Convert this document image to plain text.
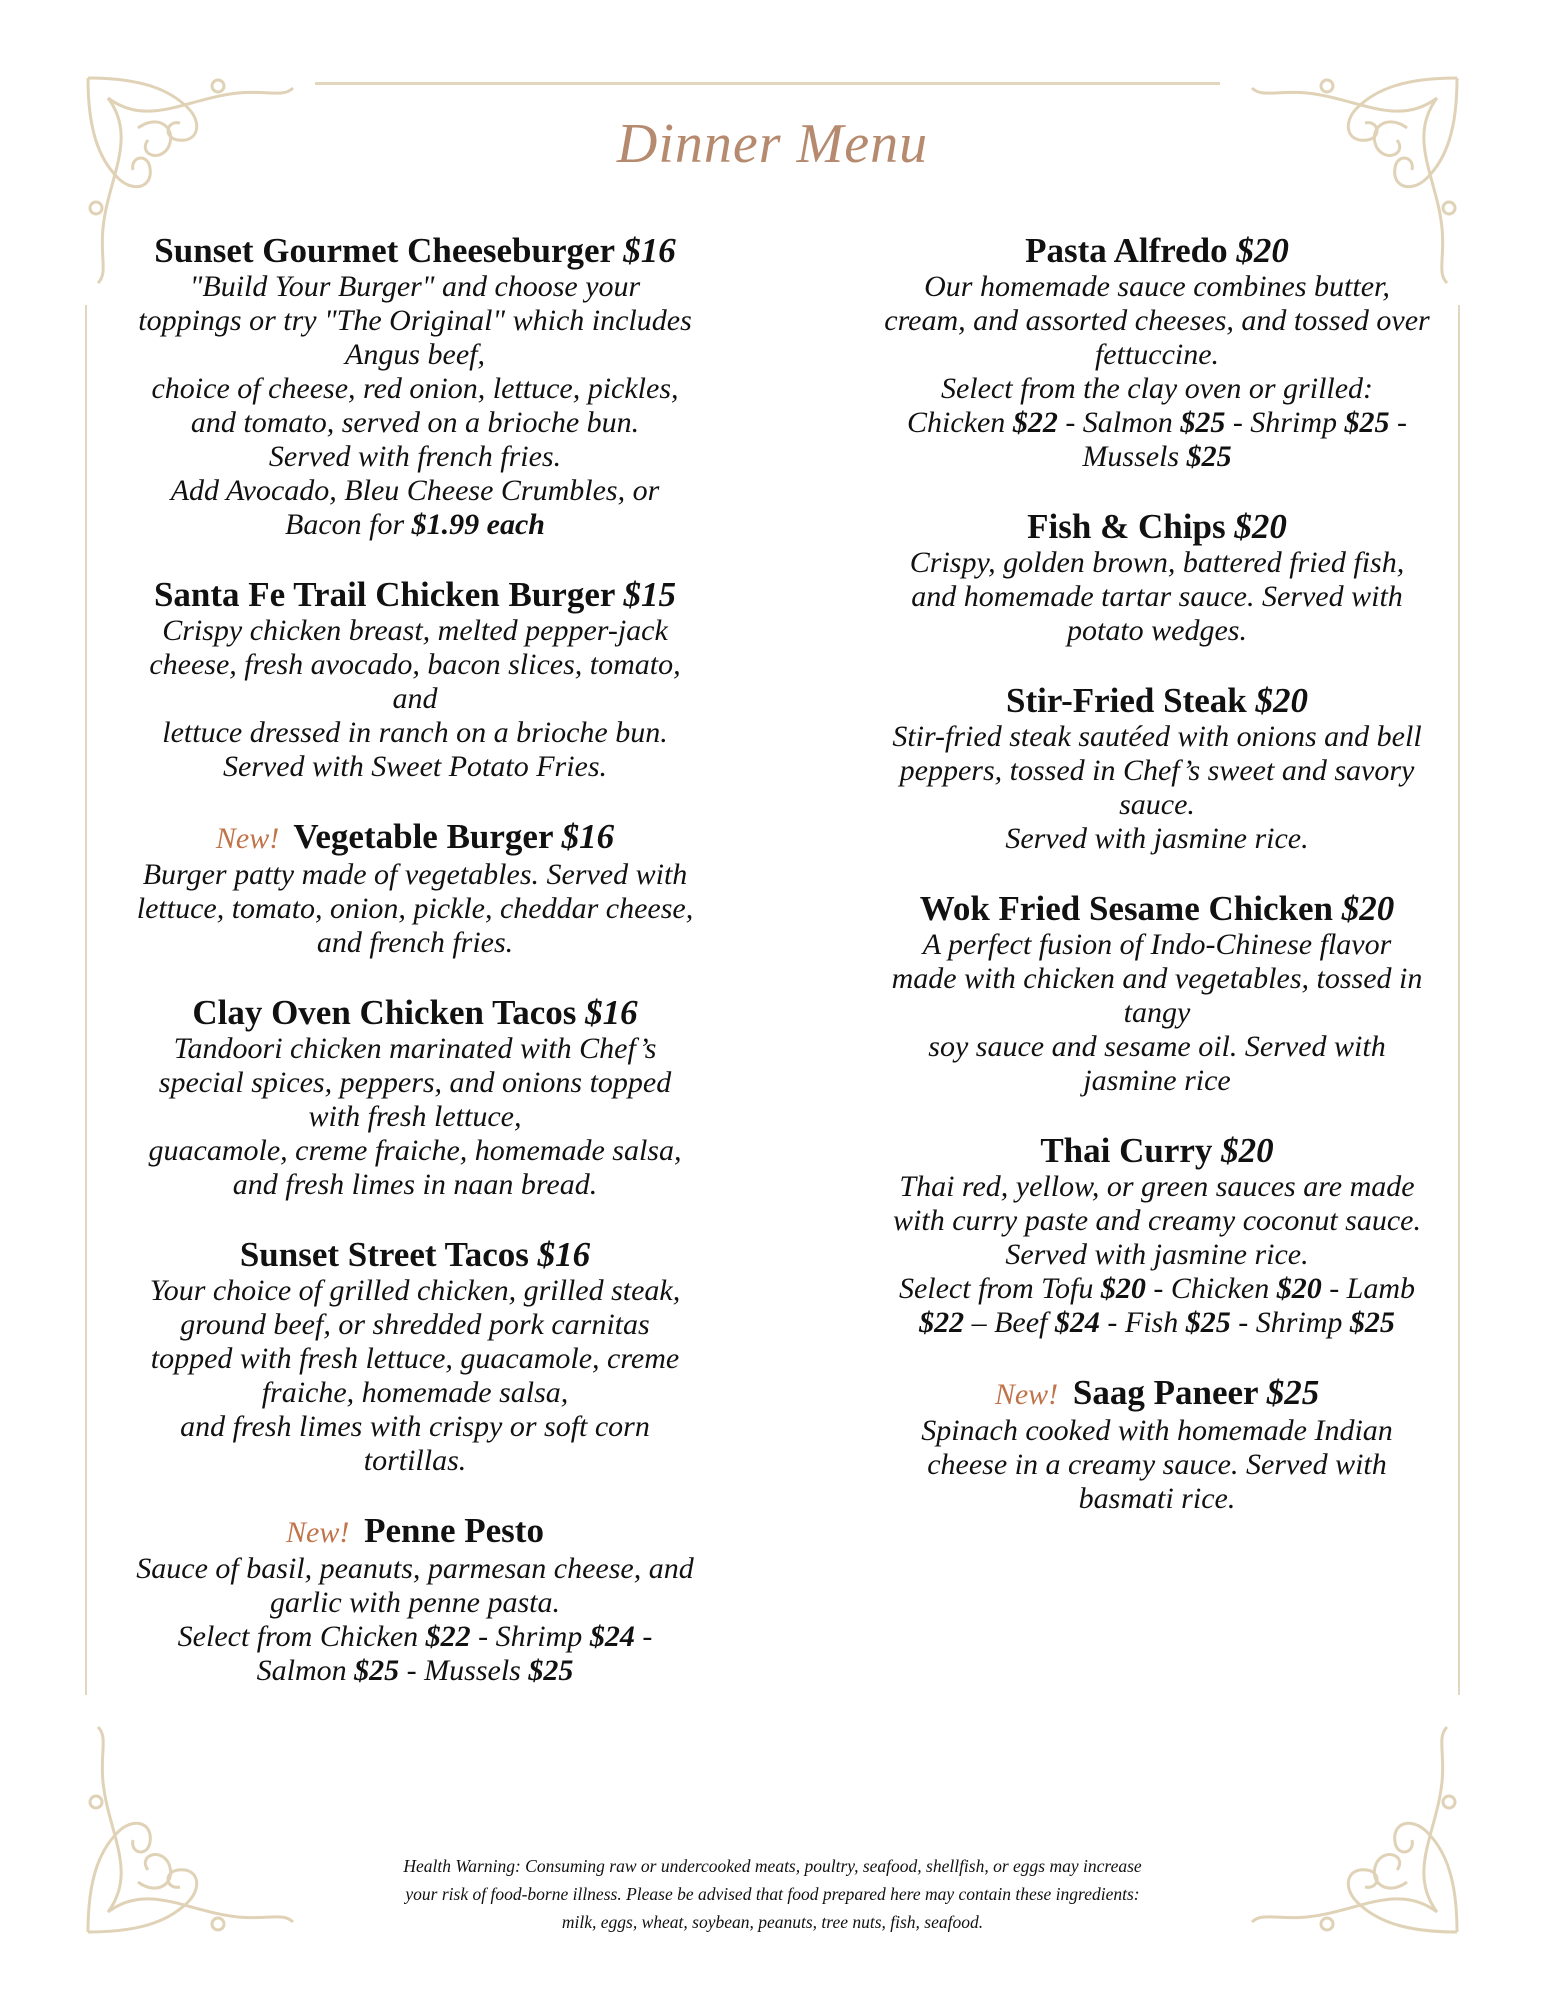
Dinner Menu
Sunset Gourmet Cheeseburger $16
"Build Your Burger" and choose your
toppings or try "The Original" which includes
Angus beef,
choice of cheese, red onion, lettuce, pickles,
and tomato, served on a brioche bun.
Served with french fries.
Add Avocado, Bleu Cheese Crumbles, or
Bacon for $1.99 each
Santa Fe Trail Chicken Burger $15
Crispy chicken breast, melted pepper-jack
cheese, fresh avocado, bacon slices, tomato,
and
lettuce dressed in ranch on a brioche bun.
Served with Sweet Potato Fries.
New! Vegetable Burger $16
Burger patty made of vegetables. Served with
lettuce, tomato, onion, pickle, cheddar cheese,
and french fries.
Clay Oven Chicken Tacos $16
Tandoori chicken marinated with Chef’s
special spices, peppers, and onions topped
with fresh lettuce,
guacamole, creme fraiche, homemade salsa,
and fresh limes in naan bread.
Sunset Street Tacos $16
Your choice of grilled chicken, grilled steak,
ground beef, or shredded pork carnitas
topped with fresh lettuce, guacamole, creme
fraiche, homemade salsa,
and fresh limes with crispy or soft corn
tortillas.
New! Penne Pesto
Sauce of basil, peanuts, parmesan cheese, and
garlic with penne pasta.
Select from Chicken $22 - Shrimp $24 -
Salmon $25 - Mussels $25
Pasta Alfredo $20
Our homemade sauce combines butter,
cream, and assorted cheeses, and tossed over
fettuccine.
Select from the clay oven or grilled:
Chicken $22 - Salmon $25 - Shrimp $25 -
Mussels $25
Fish & Chips $20
Crispy, golden brown, battered fried fish,
and homemade tartar sauce. Served with
potato wedges.
Stir-Fried Steak $20
Stir-fried steak sautéed with onions and bell
peppers, tossed in Chef’s sweet and savory
sauce.
Served with jasmine rice.
Wok Fried Sesame Chicken $20
A perfect fusion of Indo-Chinese flavor
made with chicken and vegetables, tossed in
tangy
soy sauce and sesame oil. Served with
jasmine rice
Thai Curry $20
Thai red, yellow, or green sauces are made
with curry paste and creamy coconut sauce.
Served with jasmine rice.
Select from Tofu $20 - Chicken $20 - Lamb
$22 – Beef $24 - Fish $25 - Shrimp $25
New! Saag Paneer $25
Spinach cooked with homemade Indian
cheese in a creamy sauce. Served with
basmati rice.
Health Warning: Consuming raw or undercooked meats, poultry, seafood, shellfish, or eggs may increase
your risk of food-borne illness. Please be advised that food prepared here may contain these ingredients:
milk, eggs, wheat, soybean, peanuts, tree nuts, fish, seafood.
